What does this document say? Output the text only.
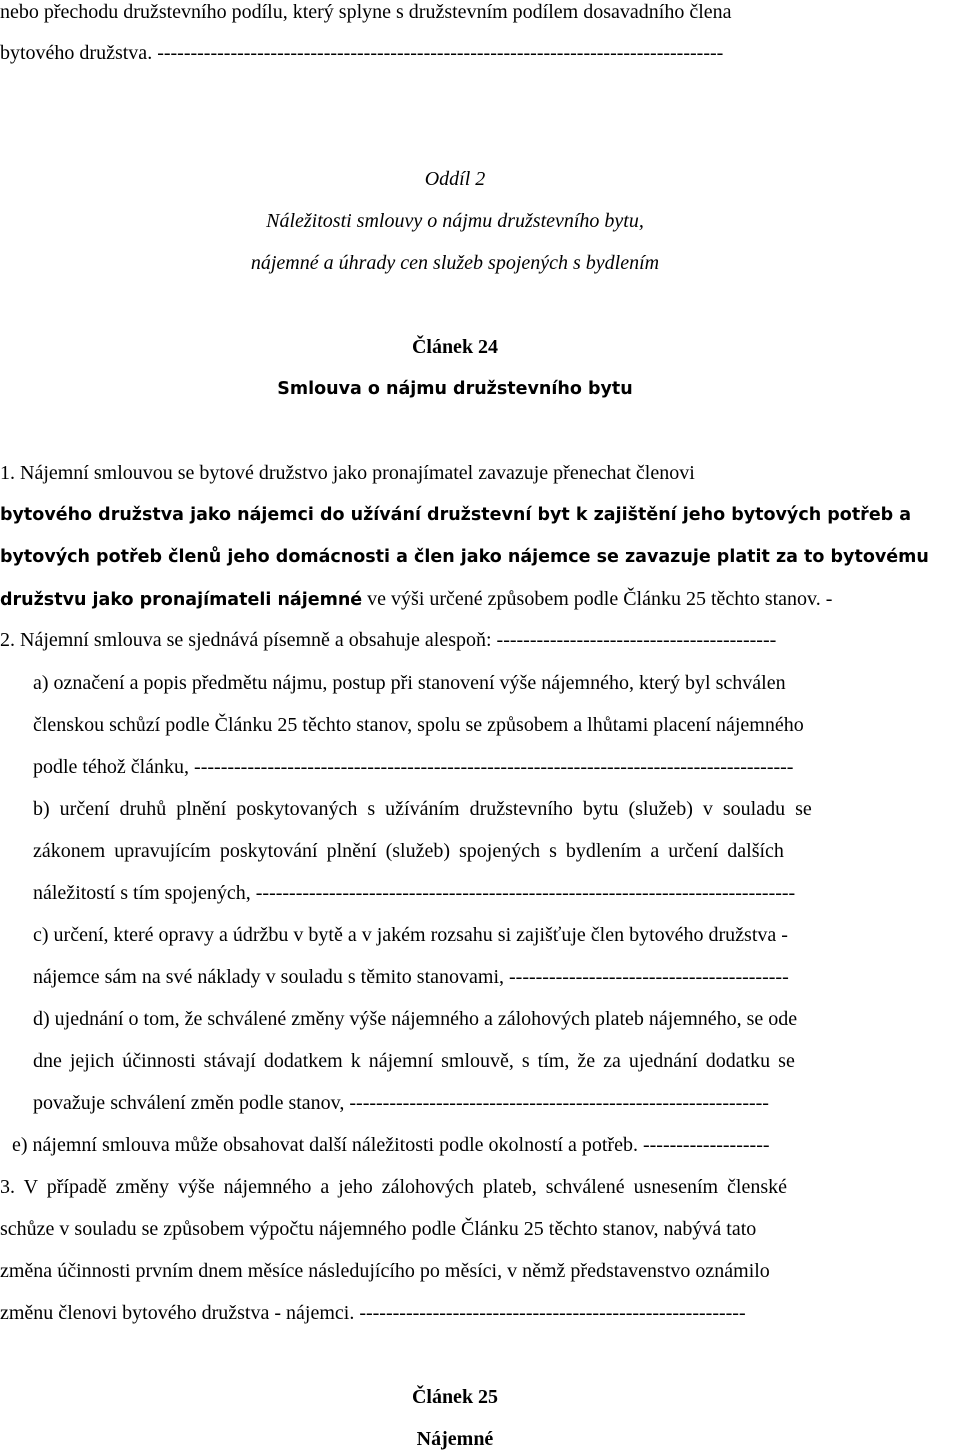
nebo přechodu družstevního podílu, který splyne s družstevním podílem dosavadního člena
bytového družstva. -------------------------------------------------------------------------------------
Oddíl 2
Náležitosti smlouvy o nájmu družstevního bytu,
nájemné a úhrady cen služeb spojených s bydlením
Článek 24
Smlouva o nájmu družstevního bytu
1. Nájemní smlouvou se bytové družstvo jako pronajímatel zavazuje přenechat členovi
bytového družstva jako nájemci do užívání družstevní byt k zajištění jeho bytových potřeb a
bytových potřeb členů jeho domácnosti a člen jako nájemce se zavazuje platit za to bytovému
družstvu jako pronajímateli nájemné ve výši určené způsobem podle Článku 25 těchto stanov. -
2. Nájemní smlouva se sjednává písemně a obsahuje alespoň: ------------------------------------------
a) označení a popis předmětu nájmu, postup při stanovení výše nájemného, který byl schválen
členskou schůzí podle Článku 25 těchto stanov, spolu se způsobem a lhůtami placení nájemného
podle téhož článku, ------------------------------------------------------------------------------------------
b) určení druhů plnění poskytovaných s užíváním družstevního bytu (služeb) v souladu se
zákonem upravujícím poskytování plnění (služeb) spojených s bydlením a určení dalších
náležitostí s tím spojených, ---------------------------------------------------------------------------------
c) určení, které opravy a údržbu v bytě a v jakém rozsahu si zajišťuje člen bytového družstva -
nájemce sám na své náklady v souladu s těmito stanovami, ------------------------------------------
d) ujednání o tom, že schválené změny výše nájemného a zálohových plateb nájemného, se ode
dne jejich účinnosti stávají dodatkem k nájemní smlouvě, s tím, že za ujednání dodatku se
považuje schválení změn podle stanov, ---------------------------------------------------------------
e) nájemní smlouva může obsahovat další náležitosti podle okolností a potřeb. -------------------
3. V případě změny výše nájemného a jeho zálohových plateb, schválené usnesením členské
schůze v souladu se způsobem výpočtu nájemného podle Článku 25 těchto stanov, nabývá tato
změna účinnosti prvním dnem měsíce následujícího po měsíci, v němž představenstvo oznámilo
změnu členovi bytového družstva - nájemci. ----------------------------------------------------------
Článek 25
Nájemné
